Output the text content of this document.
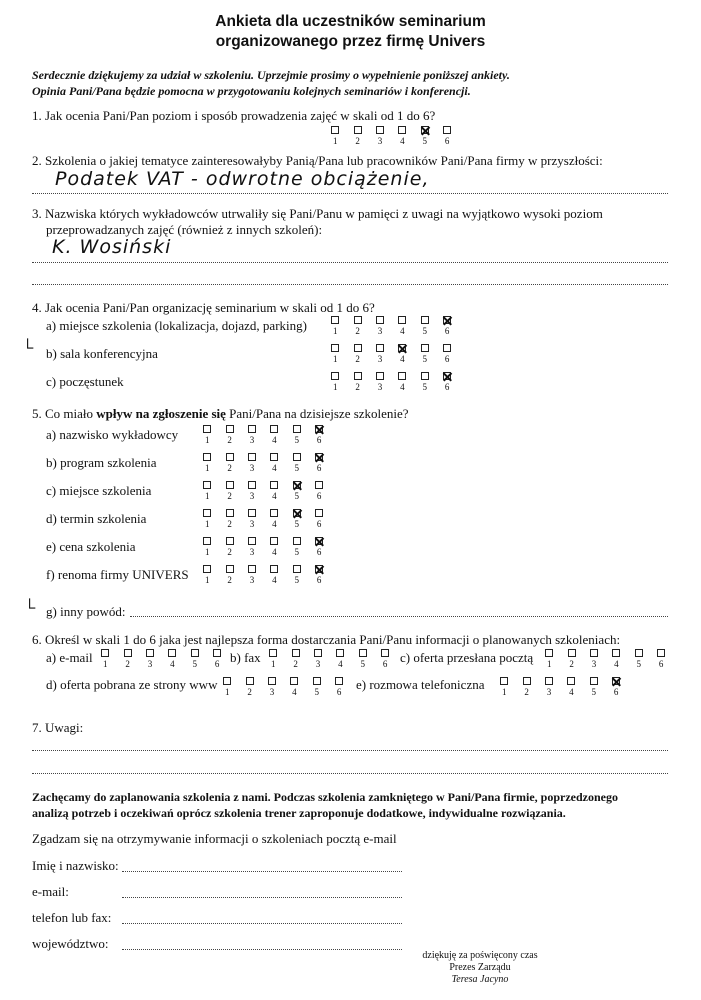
Ankieta dla uczestników seminarium
organizowanego przez firmę Univers
Serdecznie dziękujemy za udział w szkoleniu. Uprzejmie prosimy o wypełnienie poniższej ankiety.
Opinia Pani/Pana będzie pomocna w przygotowaniu kolejnych seminariów i konferencji.
1. Jak ocenia Pani/Pan poziom i sposób prowadzenia zajęć w skali od 1 do 6?
1 2 3 4 5 6
2. Szkolenia o jakiej tematyce zainteresowałyby Panią/Pana lub pracowników Pani/Pana firmy w przyszłości:
Podatek VAT - odwrotne obciążenie,
3. Nazwiska których wykładowców utrwaliły się Pani/Panu w pamięci z uwagi na wyjątkowo wysoki poziom
przeprowadzanych zajęć (również z innych szkoleń):
K. Wosiński
4. Jak ocenia Pani/Pan organizację seminarium w skali od 1 do 6?
a) miejsce szkolenia (lokalizacja, dojazd, parking)	1 2 3 4 5 6
└ b) sala konferencyjna	1 2 3 4 5 6
c) poczęstunek	1 2 3 4 5 6
5. Co miało wpływ na zgłoszenie się Pani/Pana na dzisiejsze szkolenie?
a) nazwisko wykładowcy	1 2 3 4 5 6
b) program szkolenia	1 2 3 4 5 6
c) miejsce szkolenia	1 2 3 4 5 6
d) termin szkolenia	1 2 3 4 5 6
e) cena szkolenia	1 2 3 4 5 6
f) renoma firmy UNIVERS 1 2 3 4 5 6
└ g) inny powód:
6. Określ w skali 1 do 6 jaka jest najlepsza forma dostarczania Pani/Panu informacji o planowanych szkoleniach:
a) e-mail 1 2 3 4 5 6 b) fax 1 2 3 4 5 6 c) oferta przesłana pocztą 1 2 3 4 5 6
d) oferta pobrana ze strony www 1 2 3 4 5 6 e) rozmowa telefoniczna 1 2 3 4 5 6
7. Uwagi:
Zachęcamy do zaplanowania szkolenia z nami. Podczas szkolenia zamkniętego w Pani/Pana firmie, poprzedzonego
analizą potrzeb i oczekiwań oprócz szkolenia trener zaproponuje dodatkowe, indywidualne rozwiązania.
Zgadzam się na otrzymywanie informacji o szkoleniach pocztą e-mail
Imię i nazwisko:
e-mail:
telefon lub fax:
województwo:
dziękuję za poświęcony czas
Prezes Zarządu
Teresa Jacyno
